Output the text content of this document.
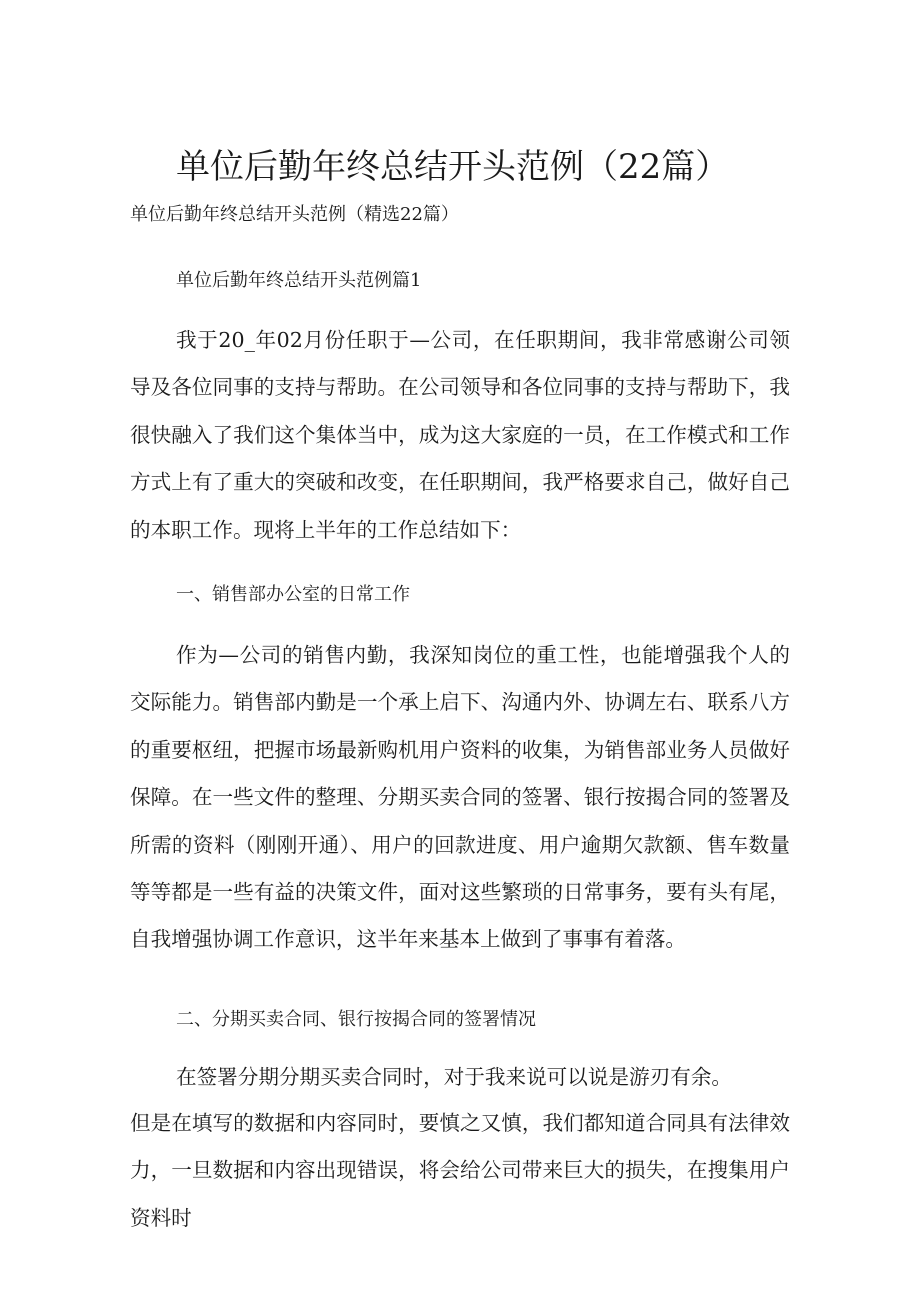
单位后勤年终总结开头范例（22篇）
单位后勤年终总结开头范例（精选22篇）
单位后勤年终总结开头范例篇1
我于20_年02月份任职于—公司，在任职期间，我非常感谢公司领导及各位同事的支持与帮助。在公司领导和各位同事的支持与帮助下，我很快融入了我们这个集体当中，成为这大家庭的一员，在工作模式和工作方式上有了重大的突破和改变，在任职期间，我严格要求自己，做好自己的本职工作。现将上半年的工作总结如下：
一、销售部办公室的日常工作
作为—公司的销售内勤，我深知岗位的重工性，也能增强我个人的交际能力。销售部内勤是一个承上启下、沟通内外、协调左右、联系八方的重要枢纽，把握市场最新购机用户资料的收集，为销售部业务人员做好保障。在一些文件的整理、分期买卖合同的签署、银行按揭合同的签署及所需的资料（刚刚开通）、用户的回款进度、用户逾期欠款额、售车数量等等都是一些有益的决策文件，面对这些繁琐的日常事务，要有头有尾，自我增强协调工作意识，这半年来基本上做到了事事有着落。
二、分期买卖合同、银行按揭合同的签署情况
在签署分期分期买卖合同时，对于我来说可以说是游刃有余。
但是在填写的数据和内容同时，要慎之又慎，我们都知道合同具有法律效力，一旦数据和内容出现错误，将会给公司带来巨大的损失，在搜集用户资料时
